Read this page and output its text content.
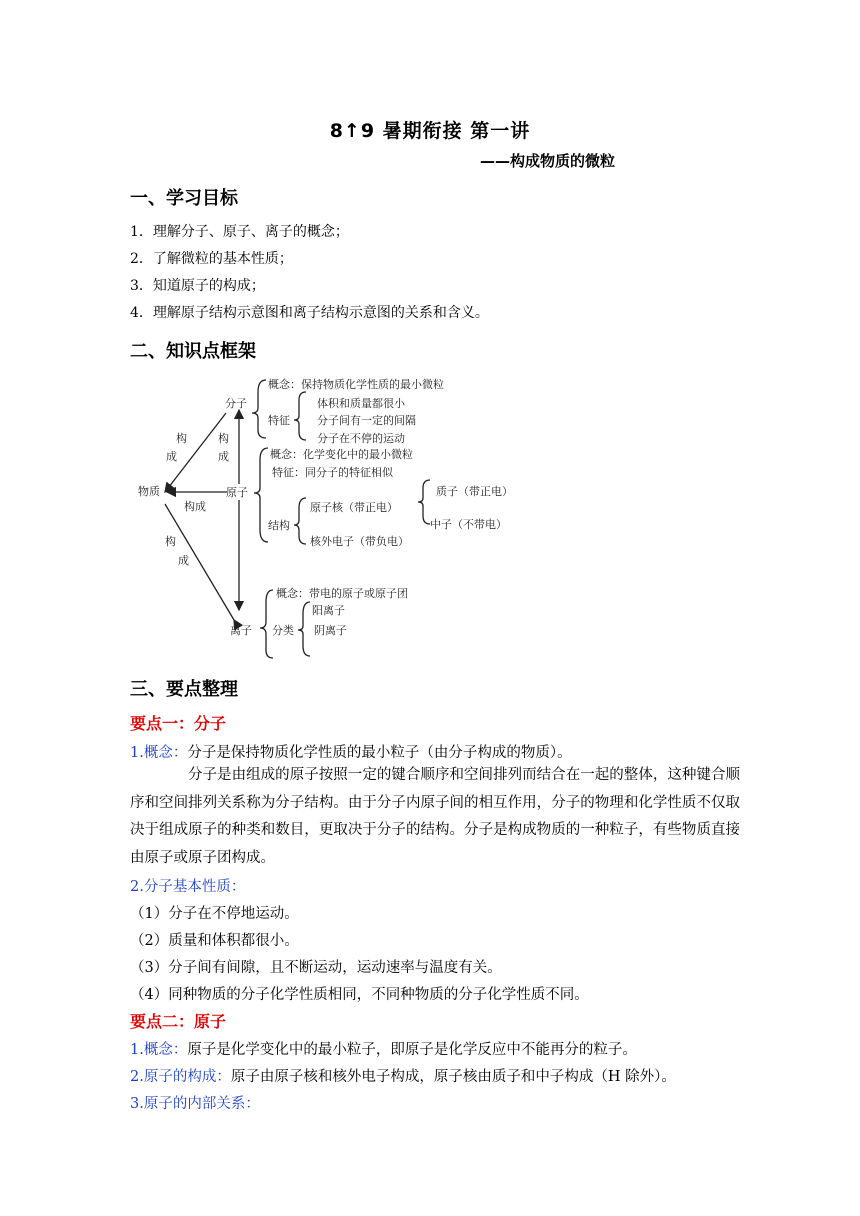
8↑9 暑期衔接 第一讲
——构成物质的微粒
一、学习目标
1．理解分子、原子、离子的概念；
2．了解微粒的基本性质；
3．知道原子的构成；
4．理解原子结构示意图和离子结构示意图的关系和含义。
二、知识点框架
分子
原子
离子
物质
构
成
构
成
构成
构
成
概念：保持物质化学性质的最小微粒
特征
体积和质量都很小
分子间有一定的间隔
分子在不停的运动
概念：化学变化中的最小微粒
特征：同分子的特征相似
结构
原子核（带正电）
质子（带正电）
中子（不带电）
核外电子（带负电）
概念：带电的原子或原子团
分类
阳离子
阴离子
三、要点整理
要点一：分子
1.概念：分子是保持物质化学性质的最小粒子（由分子构成的物质）。
分子是由组成的原子按照一定的键合顺序和空间排列而结合在一起的整体，这种键合顺序和空间排列关系称为分子结构。由于分子内原子间的相互作用，分子的物理和化学性质不仅取决于组成原子的种类和数目，更取决于分子的结构。分子是构成物质的一种粒子，有些物质直接由原子或原子团构成。
2.分子基本性质：
（1）分子在不停地运动。
（2）质量和体积都很小。
（3）分子间有间隙，且不断运动，运动速率与温度有关。
（4）同种物质的分子化学性质相同，不同种物质的分子化学性质不同。
要点二：原子
1.概念：原子是化学变化中的最小粒子，即原子是化学反应中不能再分的粒子。
2.原子的构成：原子由原子核和核外电子构成，原子核由质子和中子构成（H 除外）。
3.原子的内部关系：
